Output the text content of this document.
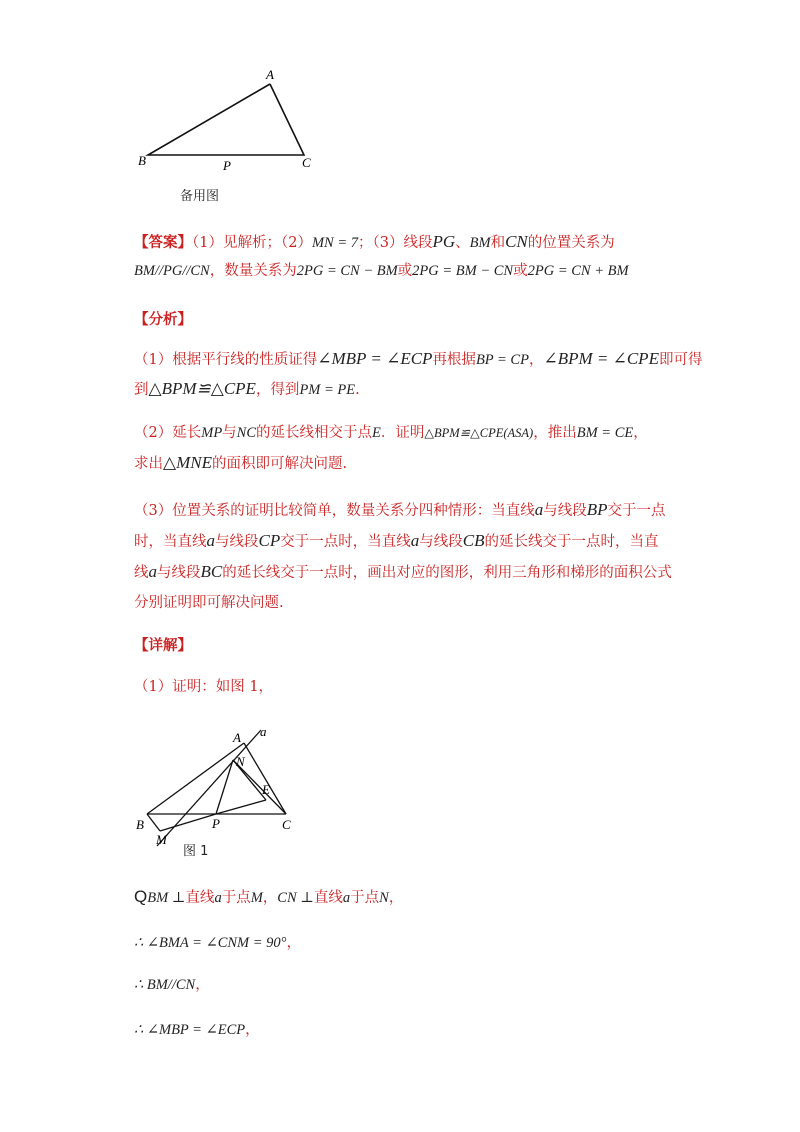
A
B	C
P
备用图
【答案】（1）见解析；（2）MN = 7；（3）线段PG、BM和CN的位置关系为
BM//PG//CN，数量关系为2PG = CN − BM或2PG = BM − CN或2PG = CN + BM
【分析】
（1）根据平行线的性质证得∠MBP = ∠ECP再根据BP = CP，∠BPM = ∠CPE即可得
到△BPM≌△CPE，得到PM = PE.
（2）延长MP与NC的延长线相交于点E．证明△BPM≌△CPE(ASA)，推出BM = CE，
求出△MNE的面积即可解决问题.
（3）位置关系的证明比较简单，数量关系分四种情形：当直线a与线段BP交于一点
时，当直线a与线段CP交于一点时，当直线a与线段CB的延长线交于一点时，当直
线a与线段BC的延长线交于一点时，画出对应的图形，利用三角形和梯形的面积公式
分别证明即可解决问题.
【详解】
（1）证明：如图 1，
A a
N
E
B
M
P	C
图 1
QBM ⊥直线a于点M，CN ⊥直线a于点N，
∴ ∠BMA = ∠CNM = 90°，
∴ BM//CN，
∴ ∠MBP = ∠ECP，
